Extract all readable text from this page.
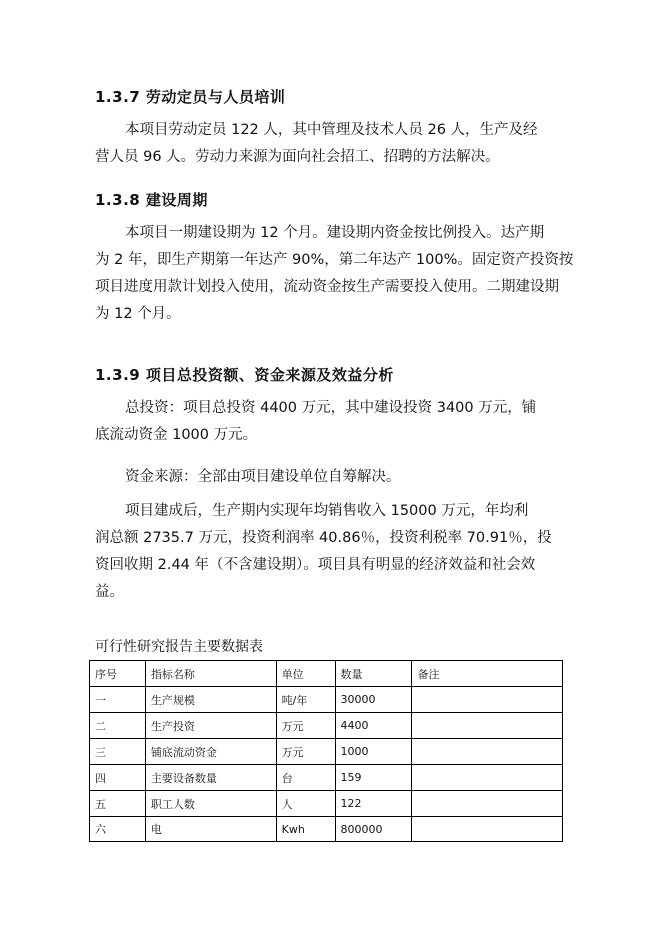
1.3.7 劳动定员与人员培训
本项目劳动定员 122 人，其中管理及技术人员 26 人，生产及经
营人员 96 人。劳动力来源为面向社会招工、招聘的方法解决。
1.3.8 建设周期
本项目一期建设期为 12 个月。建设期内资金按比例投入。达产期
为 2 年，即生产期第一年达产 90%，第二年达产 100%。固定资产投资按
项目进度用款计划投入使用，流动资金按生产需要投入使用。二期建设期
为 12 个月。
1.3.9 项目总投资额、资金来源及效益分析
总投资：项目总投资 4400 万元，其中建设投资 3400 万元，铺
底流动资金 1000 万元。
资金来源：全部由项目建设单位自筹解决。
项目建成后，生产期内实现年均销售收入 15000 万元，年均利
润总额 2735.7 万元，投资利润率 40.86％，投资利税率 70.91％，投
资回收期 2.44 年（不含建设期）。项目具有明显的经济效益和社会效
益。
可行性研究报告主要数据表
序号	指标名称	单位	数量	备注
一	生产规模	吨/年	30000	
二	生产投资	万元	4400	
三	铺底流动资金	万元	1000	
四	主要设备数量	台	159	
五	职工人数	人	122	
六	电	Kwh	800000	
